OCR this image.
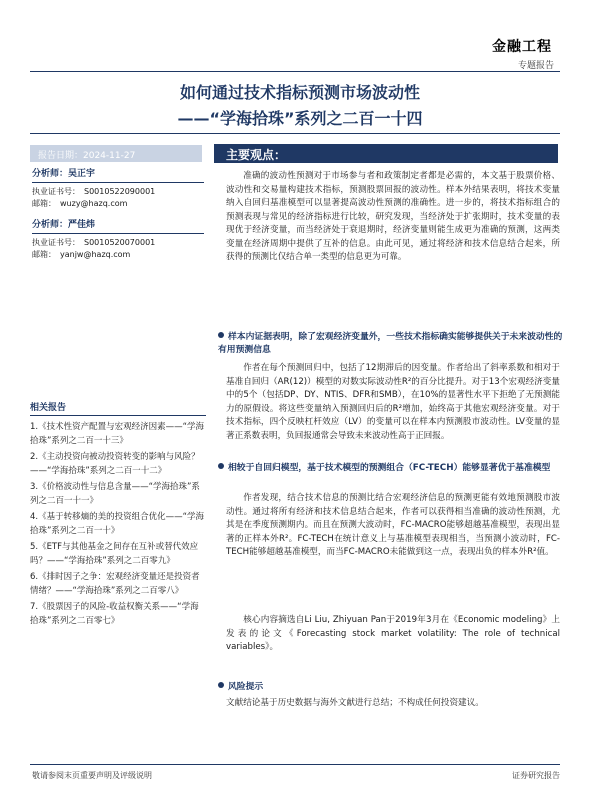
金融工程
专题报告
如何通过技术指标预测市场波动性
——“学海拾珠”系列之二百一十四
报告日期：2024-11-27	主要观点：
分析师：吴正宇
执业证书号： S0010522090001
邮箱： wuzy@hazq.com
分析师：严佳炜
执业证书号： S0010520070001
邮箱： yanjw@hazq.com
相关报告
1.《技术性资产配置与宏观经济因素——“学海拾珠”系列之二百一十三》
2.《主动投资向被动投资转变的影响与风险？——“学海拾珠”系列之二百一十二》
3.《价格波动性与信息含量——“学海拾珠”系列之二百一十一》
4.《基于转移熵的美的投资组合优化——“学海拾珠”系列之二百一十》
5.《ETF与其他基金之间存在互补或替代效应吗？——“学海拾珠”系列之二百零九》
6.《排时因子之争：宏观经济变量还是投资者情绪？——“学海拾珠”系列之二百零八》
7.《股票因子的风险-收益权衡关系——“学海拾珠”系列之二百零七》

准确的波动性预测对于市场参与者和政策制定者都是必需的，本文基于股票价格、波动性和交易量构建技术指标，预测股票回报的波动性。样本外结果表明，将技术变量纳入自回归基准模型可以显著提高波动性预测的准确性。进一步的，将技术指标组合的预测表现与常见的经济指标进行比较，研究发现，当经济处于扩张期时，技术变量的表现优于经济变量，而当经济处于衰退期时，经济变量则能生成更为准确的预测，这两类变量在经济周期中提供了互补的信息。由此可见，通过将经济和技术信息结合起来，所获得的预测比仅结合单一类型的信息更为可靠。

样本内证据表明，除了宏观经济变量外，一些技术指标确实能够提供关于未来波动性的有用预测信息

作者在每个预测回归中，包括了12期滞后的因变量。作者给出了斜率系数和相对于基准自回归（AR(12)）模型的对数实际波动性R²的百分比提升。对于13个宏观经济变量中的5个（包括DP、DY、NTIS、DFR和SMB），在10%的显著性水平下拒绝了无预测能力的原假设。将这些变量纳入预测回归后的R²增加，始终高于其他宏观经济变量。对于技术指标，四个反映杠杆效应（LV）的变量可以在样本内预测股市波动性。LV变量的显著正系数表明，负回报通常会导致未来波动性高于正回报。

相较于自回归模型，基于技术模型的预测组合（FC-TECH）能够显著优于基准模型

作者发现，结合技术信息的预测比结合宏观经济信息的预测更能有效地预测股市波动性。通过将所有经济和技术信息结合起来，作者可以获得相当准确的波动性预测，尤其是在季度预测期内。而且在预测大波动时，FC-MACRO能够超越基准模型，表现出显著的正样本外R²。FC-TECH在统计意义上与基准模型表现相当，当预测小波动时，FC-TECH能够超越基准模型，而当FC-MACRO未能做到这一点，表现出负的样本外R²值。

核心内容摘选自Li Liu, Zhiyuan Pan于2019年3月在《Economic modeling》上发表的论文《Forecasting stock market volatility: The role of technical variables》。

风险提示

文献结论基于历史数据与海外文献进行总结；不构成任何投资建议。

敬请参阅末页重要声明及评级说明	证券研究报告
